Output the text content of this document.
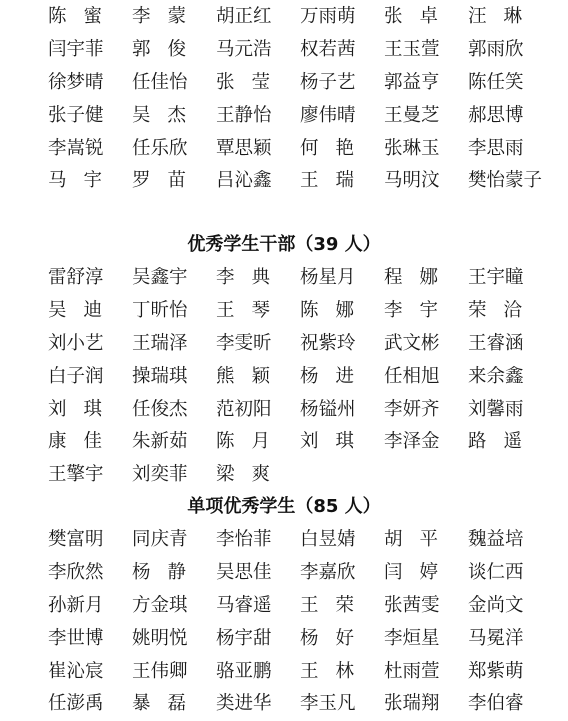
陈 蜜 李 蒙 胡 正 红 万 雨 萌 张 卓 汪 琳
闫 宇 菲 郭 俊 马 元 浩 权 若 茜 王 玉 萱 郭 雨 欣
徐 梦 晴 任 佳 怡 张 莹 杨 子 艺 郭 益 亨 陈 任 笑
张 子 健 吴 杰 王 静 怡 廖 伟 晴 王 曼 芝 郝 思 博
李 嵩 锐 任 乐 欣 覃 思 颖 何 艳 张 琳 玉 李 思 雨
马 宇 罗 苗 吕 沁 鑫 王 瑞 马 明 汶 樊 怡 蒙 子
优秀学生干部（39 人）
雷 舒 淳 吴 鑫 宇 李 典 杨 星 月 程 娜 王 宇 瞳
吴 迪 丁 昕 怡 王 琴 陈 娜 李 宇 荣 洽
刘 小 艺 王 瑞 泽 李 雯 昕 祝 紫 玲 武 文 彬 王 睿 涵
白 子 润 操 瑞 琪 熊 颖 杨 进 任 相 旭 来 余 鑫
刘 琪 任 俊 杰 范 初 阳 杨 镒 州 李 妍 齐 刘 馨 雨
康 佳 朱 新 茹 陈 月 刘 琪 李 泽 金 路 遥
王 擎 宇 刘 奕 菲 梁 爽
单项优秀学生（85 人）
樊 富 明 同 庆 青 李 怡 菲 白 昱 婧 胡 平 魏 益 培
李 欣 然 杨 静 吴 思 佳 李 嘉 欣 闫 婷 谈 仁 西
孙 新 月 方 金 琪 马 睿 遥 王 荣 张 茜 雯 金 尚 文
李 世 博 姚 明 悦 杨 宇 甜 杨 好 李 烜 星 马 冕 洋
崔 沁 宸 王 伟 卿 骆 亚 鹏 王 林 杜 雨 萱 郑 紫 萌
任 澎 禹 暴 磊 类 进 华 李 玉 凡 张 瑞 翔 李 伯 睿
